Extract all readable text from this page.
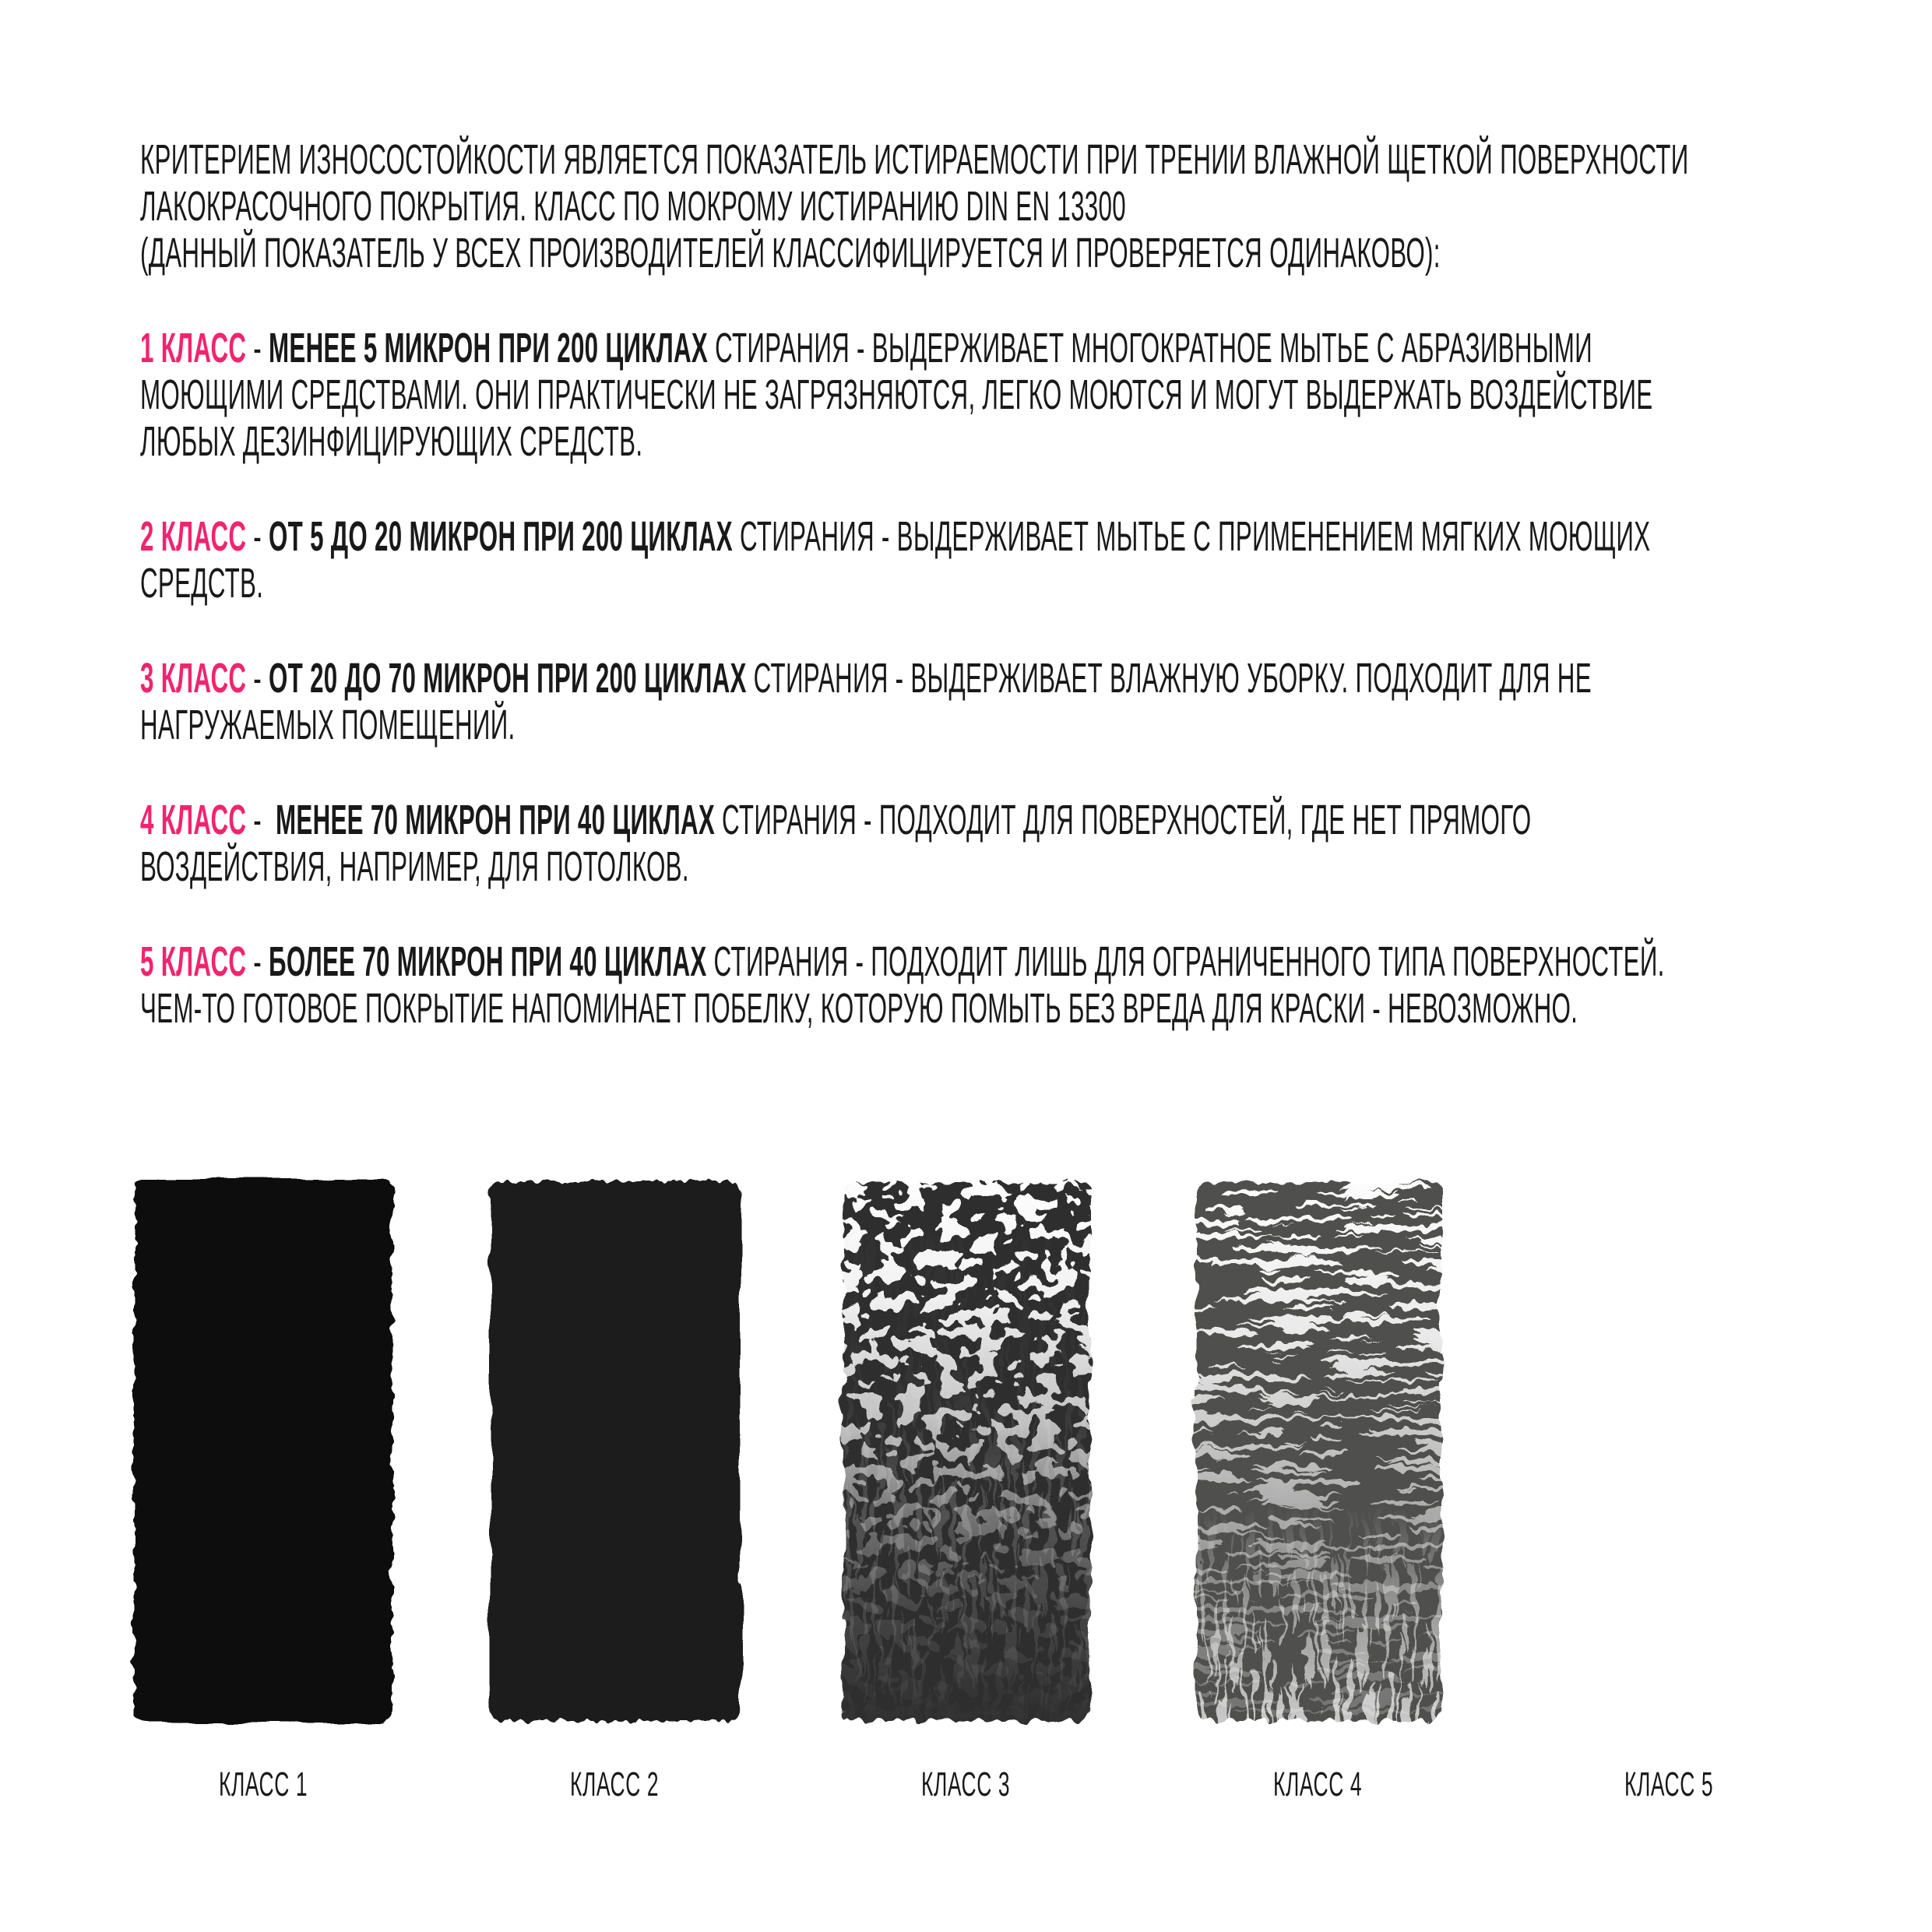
КРИТЕРИЕМ ИЗНОСОСТОЙКОСТИ ЯВЛЯЕТСЯ ПОКАЗАТЕЛЬ ИСТИРАЕМОСТИ ПРИ ТРЕНИИ ВЛАЖНОЙ ЩЕТКОЙ ПОВЕРХНОСТИ
ЛАКОКРАСОЧНОГО ПОКРЫТИЯ. КЛАСС ПО МОКРОМУ ИСТИРАНИЮ DIN EN 13300
(ДАННЫЙ ПОКАЗАТЕЛЬ У ВСЕХ ПРОИЗВОДИТЕЛЕЙ КЛАССИФИЦИРУЕТСЯ И ПРОВЕРЯЕТСЯ ОДИНАКОВО):
1 КЛАСС - МЕНЕЕ 5 МИКРОН ПРИ 200 ЦИКЛАХ СТИРАНИЯ - ВЫДЕРЖИВАЕТ МНОГОКРАТНОЕ МЫТЬЕ С АБРАЗИВНЫМИ
МОЮЩИМИ СРЕДСТВАМИ. ОНИ ПРАКТИЧЕСКИ НЕ ЗАГРЯЗНЯЮТСЯ, ЛЕГКО МОЮТСЯ И МОГУТ ВЫДЕРЖАТЬ ВОЗДЕЙСТВИЕ
ЛЮБЫХ ДЕЗИНФИЦИРУЮЩИХ СРЕДСТВ.
2 КЛАСС - ОТ 5 ДО 20 МИКРОН ПРИ 200 ЦИКЛАХ СТИРАНИЯ - ВЫДЕРЖИВАЕТ МЫТЬЕ С ПРИМЕНЕНИЕМ МЯГКИХ МОЮЩИХ
СРЕДСТВ.
3 КЛАСС - ОТ 20 ДО 70 МИКРОН ПРИ 200 ЦИКЛАХ СТИРАНИЯ - ВЫДЕРЖИВАЕТ ВЛАЖНУЮ УБОРКУ. ПОДХОДИТ ДЛЯ НЕ
НАГРУЖАЕМЫХ ПОМЕЩЕНИЙ.
4 КЛАСС -  МЕНЕЕ 70 МИКРОН ПРИ 40 ЦИКЛАХ СТИРАНИЯ - ПОДХОДИТ ДЛЯ ПОВЕРХНОСТЕЙ, ГДЕ НЕТ ПРЯМОГО
ВОЗДЕЙСТВИЯ, НАПРИМЕР, ДЛЯ ПОТОЛКОВ.
5 КЛАСС - БОЛЕЕ 70 МИКРОН ПРИ 40 ЦИКЛАХ СТИРАНИЯ - ПОДХОДИТ ЛИШЬ ДЛЯ ОГРАНИЧЕННОГО ТИПА ПОВЕРХНОСТЕЙ.
ЧЕМ-ТО ГОТОВОЕ ПОКРЫТИЕ НАПОМИНАЕТ ПОБЕЛКУ, КОТОРУЮ ПОМЫТЬ БЕЗ ВРЕДА ДЛЯ КРАСКИ - НЕВОЗМОЖНО.
КЛАСС 1	КЛАСС 2	КЛАСС 3	КЛАСС 4	КЛАСС 5
